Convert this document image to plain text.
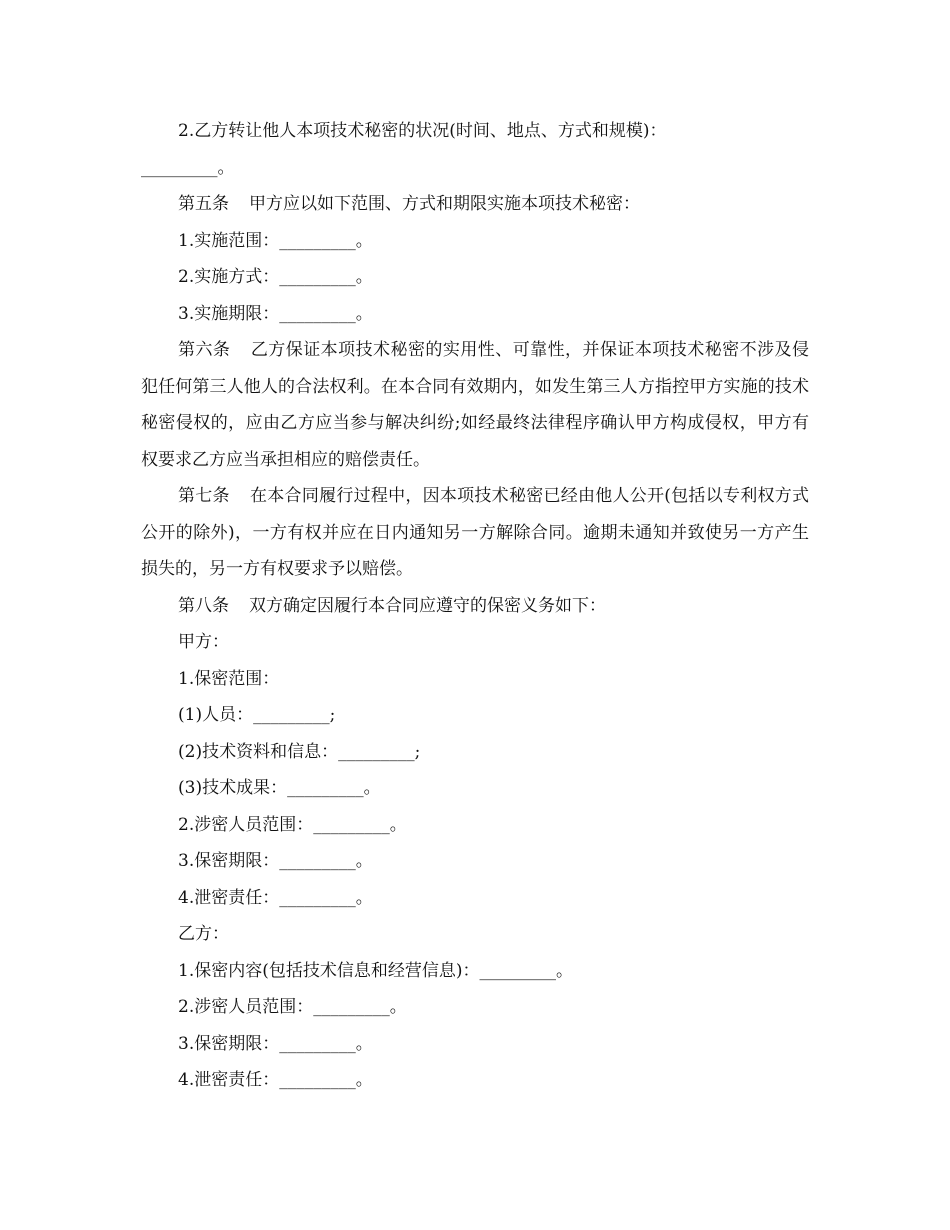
2.乙方转让他人本项技术秘密的状况(时间、地点、方式和规模)：
_________。
第五条 甲方应以如下范围、方式和期限实施本项技术秘密：
1.实施范围：_________。
2.实施方式：_________。
3.实施期限：_________。
第六条 乙方保证本项技术秘密的实用性、可靠性，并保证本项技术秘密不涉及侵犯任何第三人他人的合法权利。在本合同有效期内，如发生第三人方指控甲方实施的技术秘密侵权的，应由乙方应当参与解决纠纷;如经最终法律程序确认甲方构成侵权，甲方有权要求乙方应当承担相应的赔偿责任。
第七条 在本合同履行过程中，因本项技术秘密已经由他人公开(包括以专利权方式公开的除外)，一方有权并应在日内通知另一方解除合同。逾期未通知并致使另一方产生损失的，另一方有权要求予以赔偿。
第八条 双方确定因履行本合同应遵守的保密义务如下：
甲方：
1.保密范围：
(1)人员：_________;
(2)技术资料和信息：_________;
(3)技术成果：_________。
2.涉密人员范围：_________。
3.保密期限：_________。
4.泄密责任：_________。
乙方：
1.保密内容(包括技术信息和经营信息)：_________。
2.涉密人员范围：_________。
3.保密期限：_________。
4.泄密责任：_________。
